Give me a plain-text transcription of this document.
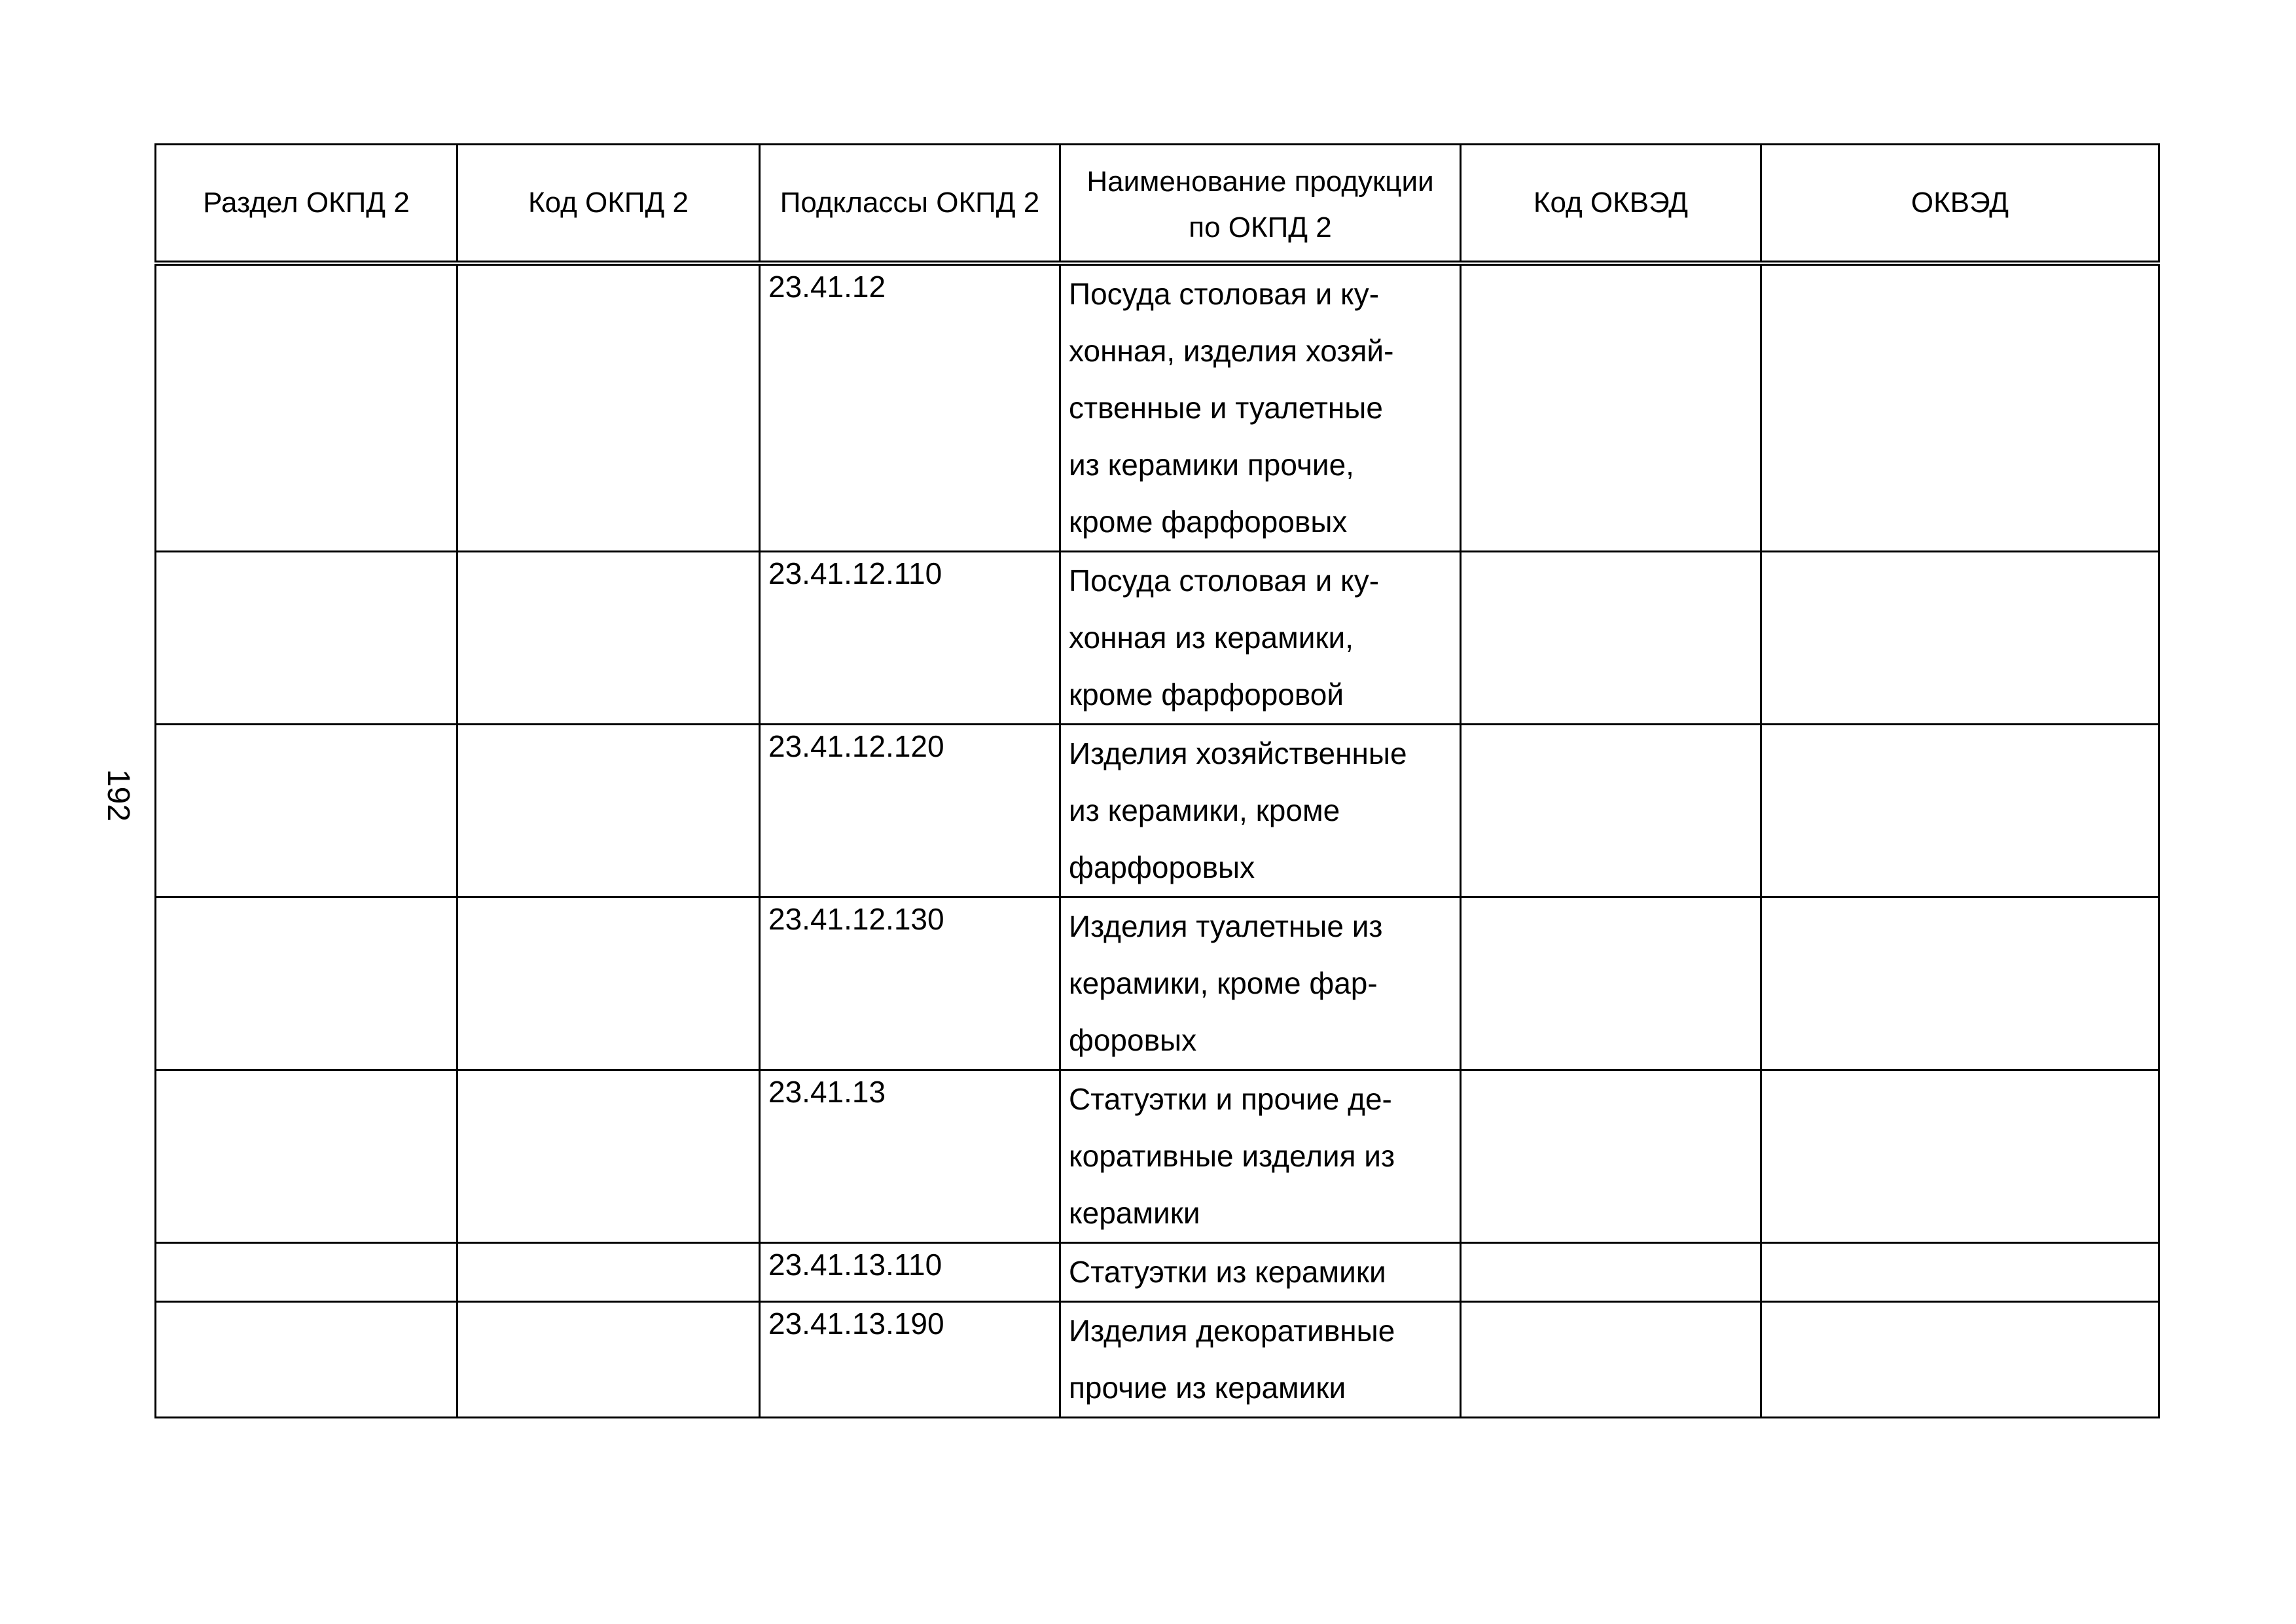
192
Раздел ОКПД 2	Код ОКПД 2	Подклассы ОКПД 2	Наименование продукции
по ОКПД 2	Код ОКВЭД	ОКВЭД
		23.41.12	Посуда столовая и ку-
хонная, изделия хозяй-
ственные и туалетные
из керамики прочие,
кроме фарфоровых		

		23.41.12.110	Посуда столовая и ку-
хонная из керамики,
кроме фарфоровой		

		23.41.12.120	Изделия хозяйственные
из керамики, кроме
фарфоровых		

		23.41.12.130	Изделия туалетные из
керамики, кроме фар-
форовых		

		23.41.13	Статуэтки и прочие де-
коративные изделия из
керамики		

		23.41.13.110	Статуэтки из керамики		

		23.41.13.190	Изделия декоративные
прочие из керамики		
